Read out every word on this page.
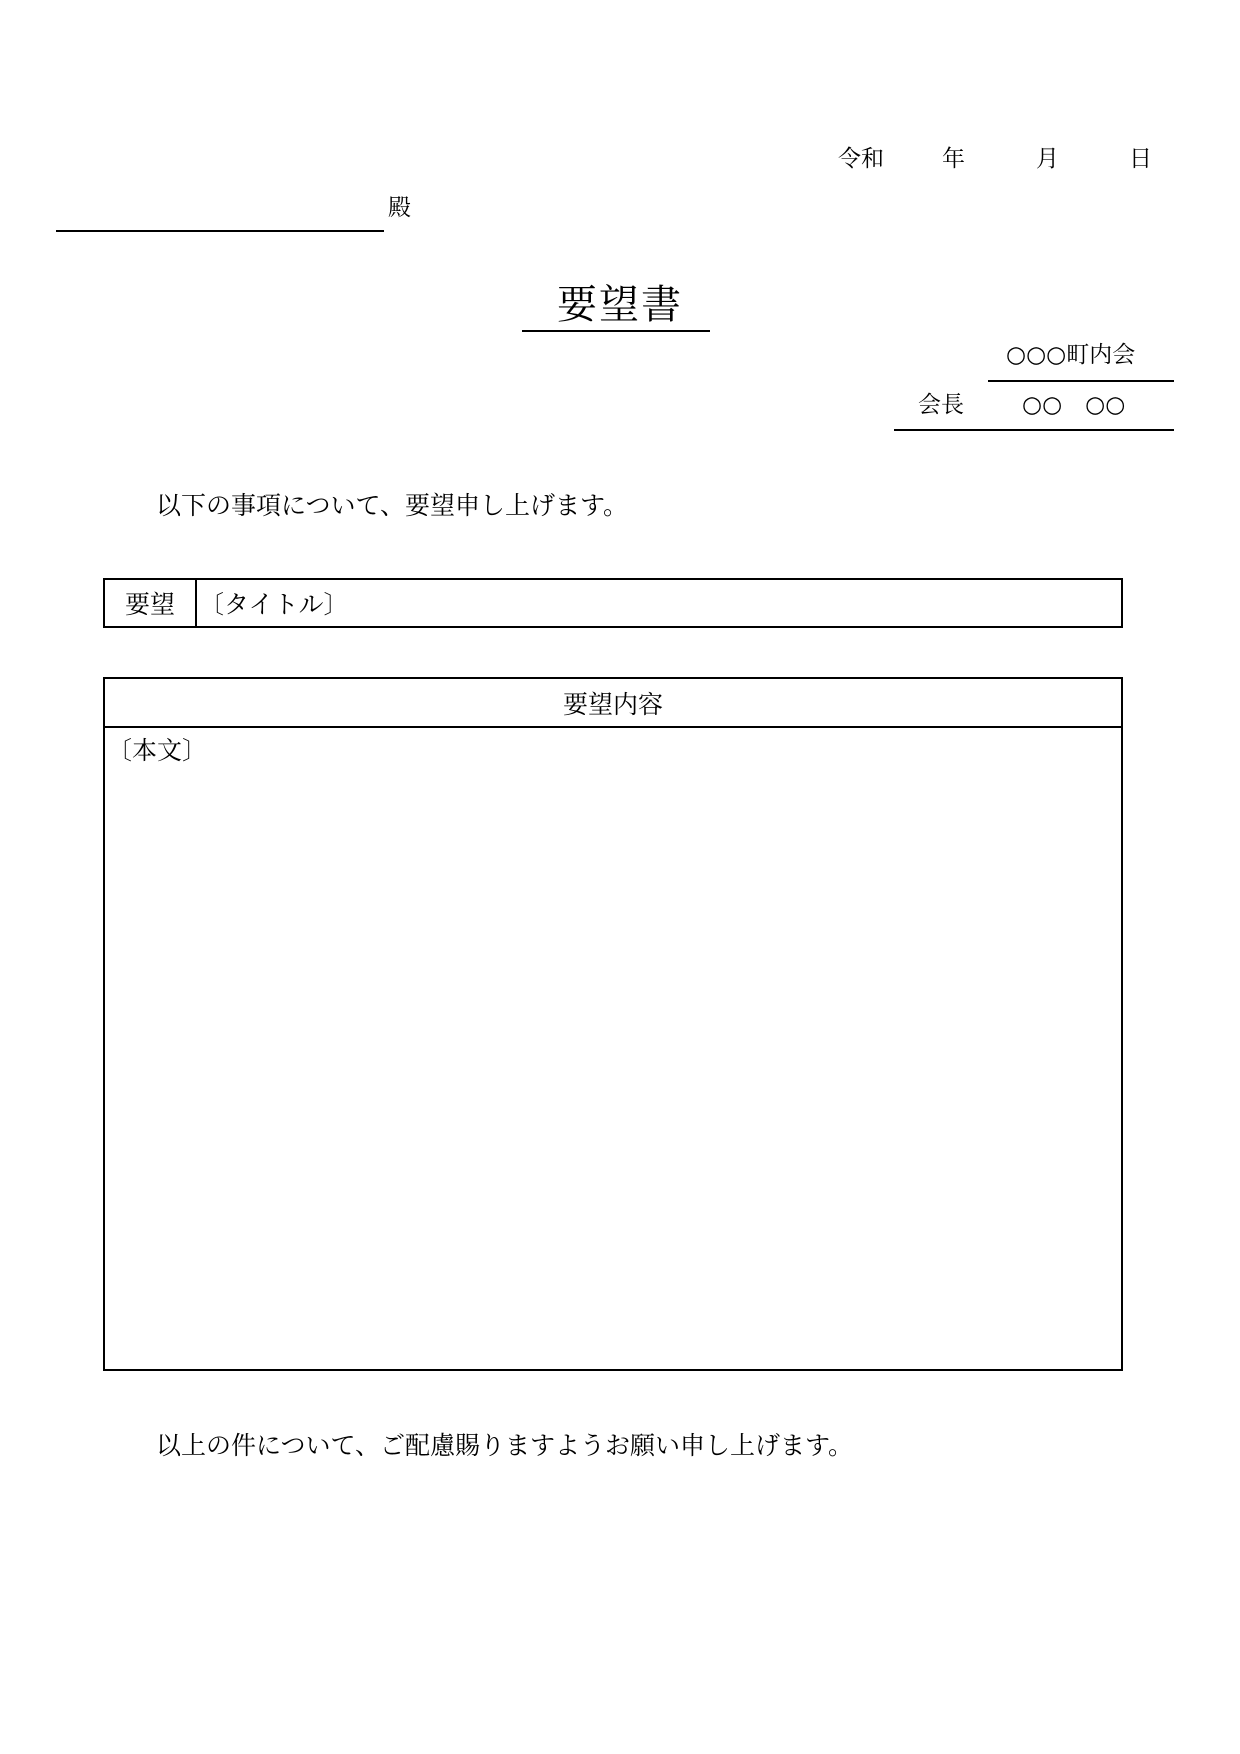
令和	年	月	日
殿
要望書
○○○町内会
会長	○○　○○
以下の事項について、要望申し上げます。
要望 〔タイトル〕
要望内容
〔本文〕
以上の件について、ご配慮賜りますようお願い申し上げます。
